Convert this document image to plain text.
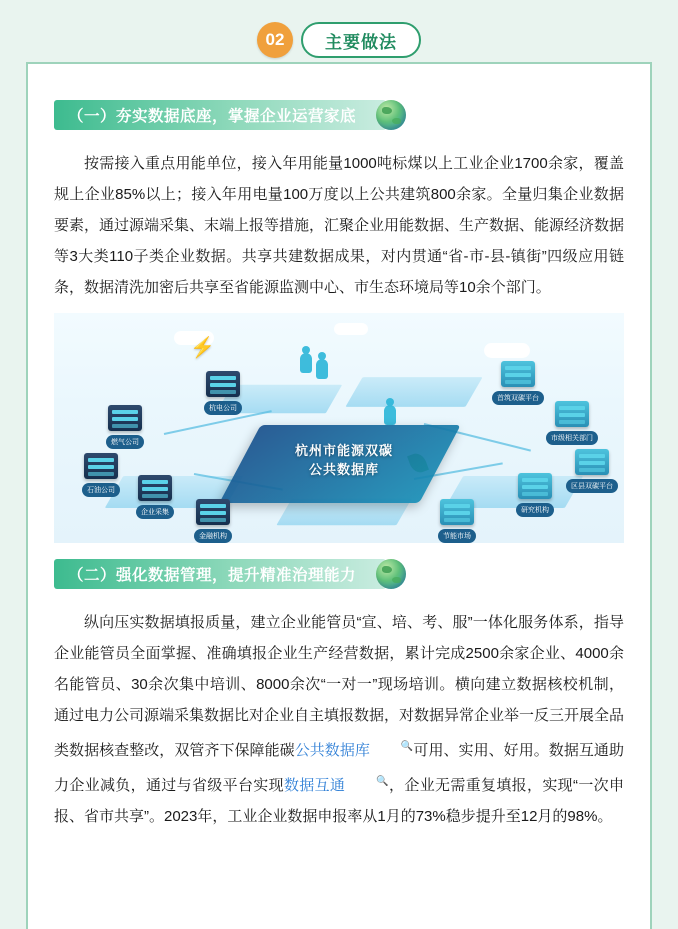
02	主要做法
（一）夯实数据底座，掌握企业运营家底

按需接入重点用能单位，接入年用能量1000吨标煤以上工业企业1700余家，覆盖规上企业85%以上；接入年用电量100万度以上公共建筑800余家。全量归集企业数据要素，通过源端采集、末端上报等措施，汇聚企业用能数据、生产数据、能源经济数据等3大类110子类企业数据。共享共建数据成果，对内贯通“省-市-县-镇街”四级应用链条，数据清洗加密后共享至省能源监测中心、市生态环境局等10余个部门。

⚡
杭州市能源双碳
公共数据库
杭电公司
首筑双碳平台
燃气公司
市级相关部门
石油公司
区县双碳平台
企业采集	研究机构
金融机构	节能市场
（二）强化数据管理，提升精准治理能力

纵向压实数据填报质量，建立企业能管员“宣、培、考、服”一体化服务体系，指导企业能管员全面掌握、准确填报企业生产经营数据，累计完成2500余家企业、4000余名能管员、30余次集中培训、8000余次“一对一”现场培训。横向建立数据核校机制，通过电力公司源端采集数据比对企业自主填报数据，对数据异常企业举一反三开展全品类数据核查整改，双管齐下保障能碳公共数据库	🔍可用、实用、好用。数据互通助力企业减负，通过与省级平台实现数据互通	🔍，企业无需重复填报，实现“一次申报、省市共享”。2023年，工业企业数据申报率从1月的73%稳步提升至12月的98%。
